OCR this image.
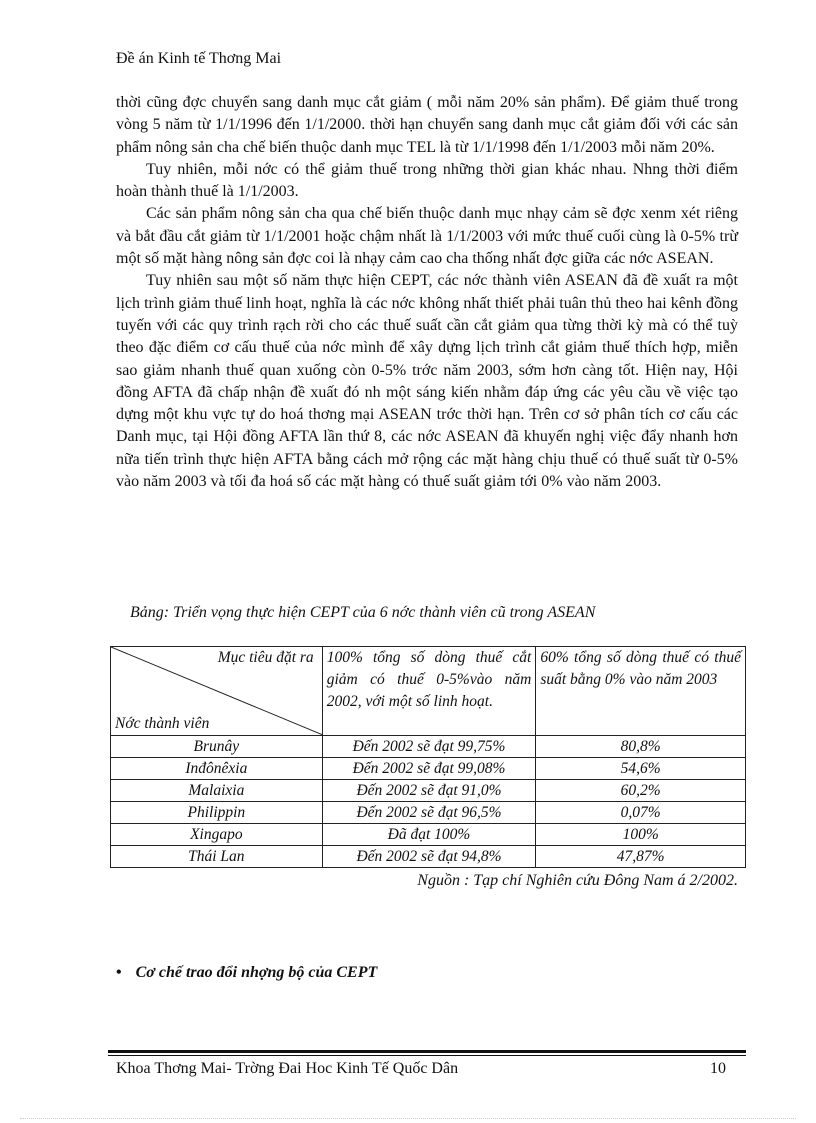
Đề án Kinh tế Thơng Mai

thời cũng đợc chuyển sang danh mục cắt giảm ( mỗi năm 20% sản phẩm). Để giảm thuế trong vòng 5 năm từ 1/1/1996 đến 1/1/2000. thời hạn chuyển sang danh mục cắt giảm đối với các sản phẩm nông sản cha chế biến thuộc danh mục TEL là từ 1/1/1998 đến 1/1/2003 mỗi năm 20%.

Tuy nhiên, mỗi nớc có thể giảm thuế trong những thời gian khác nhau. Nhng thời điểm hoàn thành thuế là 1/1/2003.

Các sản phẩm nông sản cha qua chế biến thuộc danh mục nhạy cảm sẽ đợc xenm xét riêng và bắt đầu cắt giảm từ 1/1/2001 hoặc chậm nhất là 1/1/2003 với mức thuế cuối cùng là 0-5% trừ một số mặt hàng nông sản đợc coi là nhạy cảm cao cha thống nhất đợc giữa các nớc ASEAN.

Tuy nhiên sau một số năm thực hiện CEPT, các nớc thành viên ASEAN đã đề xuất ra một lịch trình giảm thuế linh hoạt, nghĩa là các nớc không nhất thiết phải tuân thủ theo hai kênh đồng tuyến với các quy trình rạch rời cho các thuế suất cần cắt giảm qua từng thời kỳ mà có thể tuỳ theo đặc điểm cơ cấu thuế của nớc mình để xây dựng lịch trình cắt giảm thuế thích hợp, miễn sao giảm nhanh thuế quan xuống còn 0-5% trớc năm 2003, sớm hơn càng tốt. Hiện nay, Hội đồng AFTA đã chấp nhận đề xuất đó nh một sáng kiến nhằm đáp ứng các yêu cầu về việc tạo dựng một khu vực tự do hoá thơng mại ASEAN trớc thời hạn. Trên cơ sở phân tích cơ cấu các Danh mục, tại Hội đồng AFTA lần thứ 8, các nớc ASEAN đã khuyến nghị việc đẩy nhanh hơn nữa tiến trình thực hiện AFTA bằng cách mở rộng các mặt hàng chịu thuế có thuế suất từ 0-5% vào năm 2003 và tối đa hoá số các mặt hàng có thuế suất giảm tới 0% vào năm 2003.

Bảng: Triển vọng thực hiện CEPT của 6 nớc thành viên cũ trong ASEAN
Mục tiêu đặt ra
Nớc thành viên	100% tổng số dòng thuế cắt giảm có thuế 0-5%vào năm 2002, với một số linh hoạt.	60% tổng số dòng thuế có thuế suất bằng 0% vào năm 2003
Brunây	Đến 2002 sẽ đạt 99,75%	80,8%
Inđônêxia	Đến 2002 sẽ đạt 99,08%	54,6%
Malaixia	Đến 2002 sẽ đạt 91,0%	60,2%
Philippin	Đến 2002 sẽ đạt 96,5%	0,07%
Xingapo	Đã đạt 100%	100%
Thái Lan	Đến 2002 sẽ đạt 94,8%	47,87%
Nguồn : Tạp chí Nghiên cứu Đông Nam á 2/2002.
• Cơ chế trao đổi nhợng bộ của CEPT
Khoa Thơng Mai- Trờng Đai Hoc Kinh Tế Quốc Dân	10
